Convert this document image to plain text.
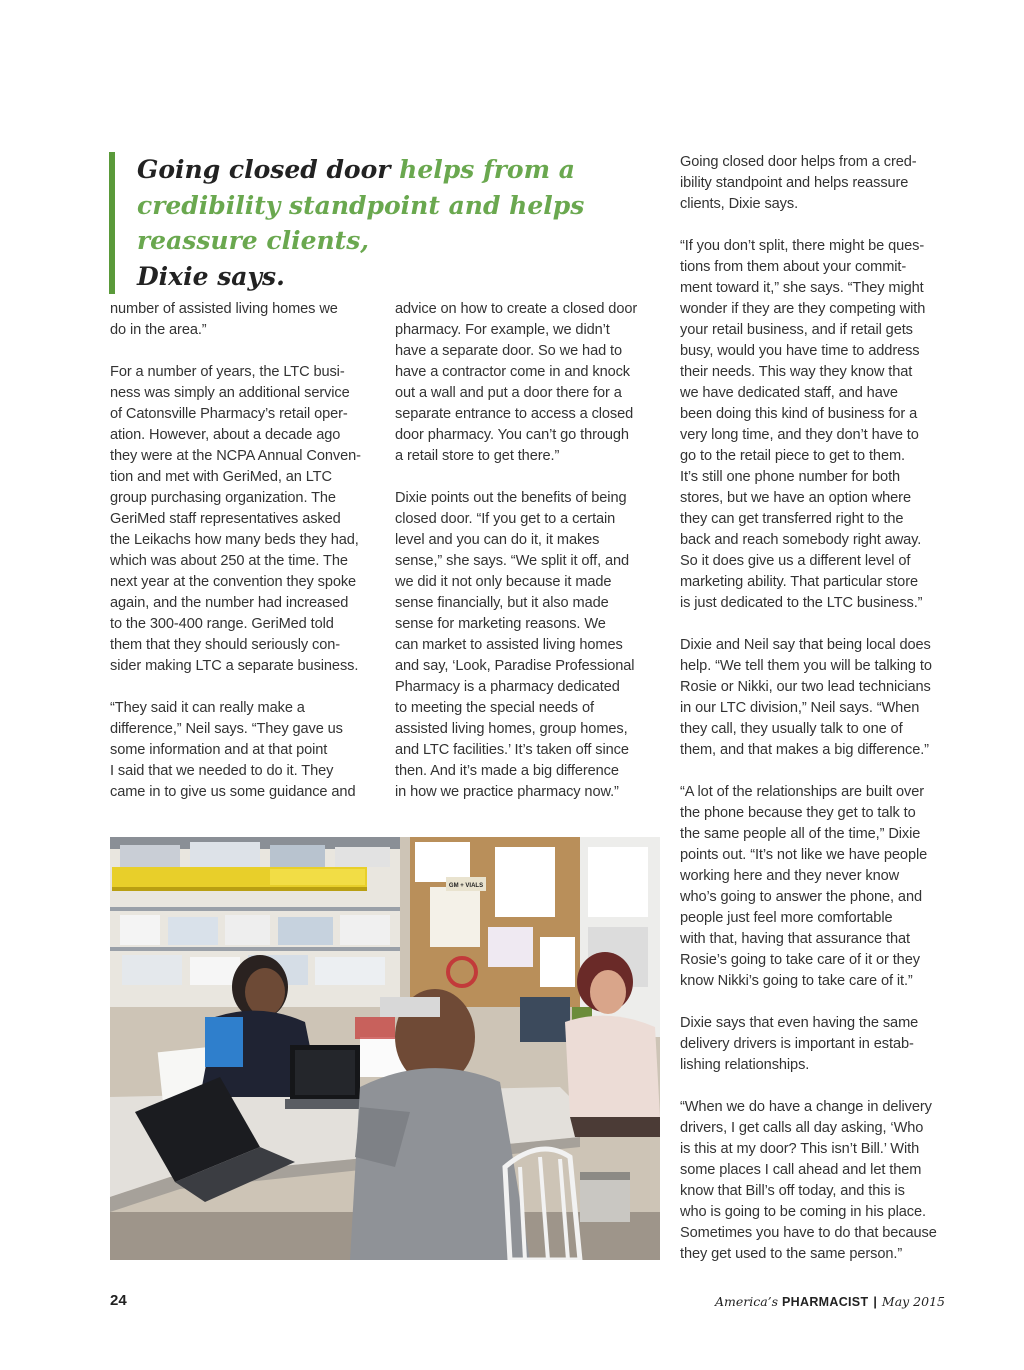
Going closed door helps from a credibility standpoint and helps reassure clients,
Dixie says.

number of assisted living homes we
do in the area.”

For a number of years, the LTC busi-
ness was simply an additional service
of Catonsville Pharmacy’s retail oper-
ation. However, about a decade ago
they were at the NCPA Annual Conven-
tion and met with GeriMed, an LTC
group purchasing organization. The
GeriMed staff representatives asked
the Leikachs how many beds they had,
which was about 250 at the time. The
next year at the convention they spoke
again, and the number had increased
to the 300-400 range. GeriMed told
them that they should seriously con-
sider making LTC a separate business.

“They said it can really make a
difference,” Neil says. “They gave us
some information and at that point
I said that we needed to do it. They
came in to give us some guidance and

advice on how to create a closed door
pharmacy. For example, we didn’t
have a separate door. So we had to
have a contractor come in and knock
out a wall and put a door there for a
separate entrance to access a closed
door pharmacy. You can’t go through
a retail store to get there.”

Dixie points out the benefits of being
closed door. “If you get to a certain
level and you can do it, it makes
sense,” she says. “We split it off, and
we did it not only because it made
sense financially, but it also made
sense for marketing reasons. We
can market to assisted living homes
and say, ‘Look, Paradise Professional
Pharmacy is a pharmacy dedicated
to meeting the special needs of
assisted living homes, group homes,
and LTC facilities.’ It’s taken off since
then. And it’s made a big difference
in how we practice pharmacy now.”

Going closed door helps from a cred-
ibility standpoint and helps reassure
clients, Dixie says.

“If you don’t split, there might be ques-
tions from them about your commit-
ment toward it,” she says. “They might
wonder if they are they competing with
your retail business, and if retail gets
busy, would you have time to address
their needs. This way they know that
we have dedicated staff, and have
been doing this kind of business for a
very long time, and they don’t have to
go to the retail piece to get to them.
It’s still one phone number for both
stores, but we have an option where
they can get transferred right to the
back and reach somebody right away.
So it does give us a different level of
marketing ability. That particular store
is just dedicated to the LTC business.”

Dixie and Neil say that being local does
help. “We tell them you will be talking to
Rosie or Nikki, our two lead technicians
in our LTC division,” Neil says. “When
they call, they usually talk to one of
them, and that makes a big difference.”

“A lot of the relationships are built over
the phone because they get to talk to
the same people all of the time,” Dixie
points out. “It’s not like we have people
working here and they never know
who’s going to answer the phone, and
people just feel more comfortable
with that, having that assurance that
Rosie’s going to take care of it or they
know Nikki’s going to take care of it.”

Dixie says that even having the same
delivery drivers is important in estab-
lishing relationships.

“When we do have a change in delivery
drivers, I get calls all day asking, ‘Who
is this at my door? This isn’t Bill.’ With
some places I call ahead and let them
know that Bill’s off today, and this is
who is going to be coming in his place.
Sometimes you have to do that because
they get used to the same person.”

GM + VIALS
24	America’s PHARMACIST | May 2015
